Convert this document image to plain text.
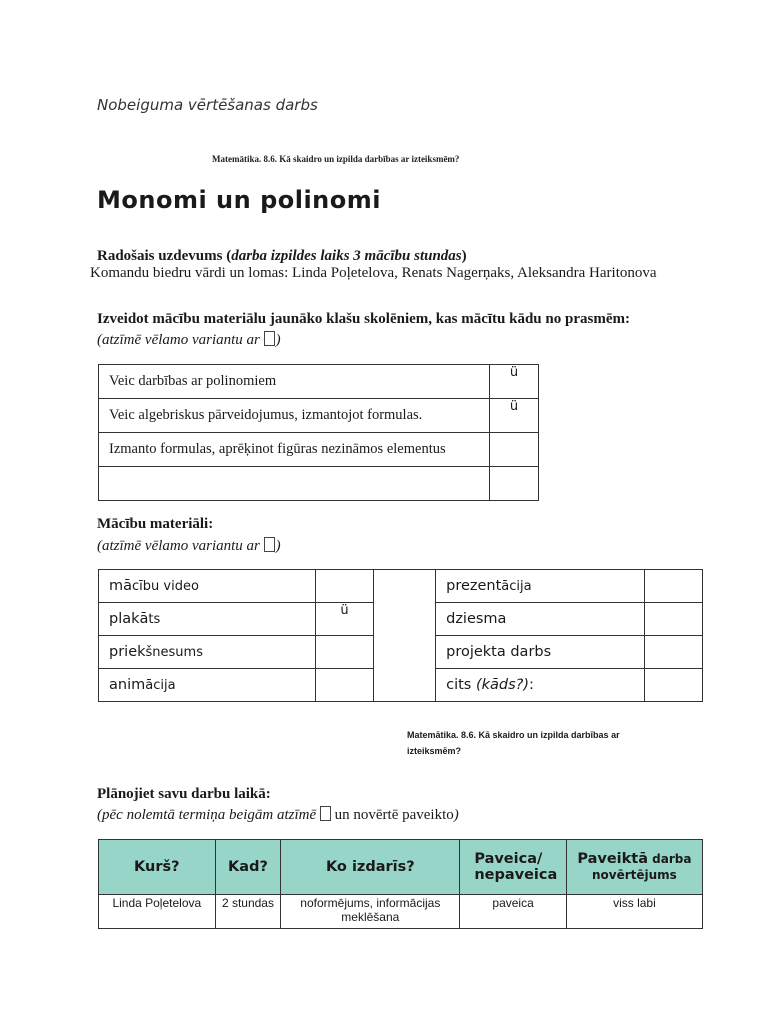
Nobeiguma vērtēšanas darbs
Matemātika. 8.6. Kā skaidro un izpilda darbības ar izteiksmēm?
Monomi un polinomi
Radošais uzdevums (darba izpildes laiks 3 mācību stundas)
Komandu biedru vārdi un lomas: Linda Poļetelova, Renats Nagerņaks, Aleksandra Haritonova
Izveidot mācību materiālu jaunāko klašu skolēniem, kas mācītu kādu no prasmēm:
(atzīmē vēlamo variantu ar )
Veic darbības ar polinomiem	ü
Veic algebriskus pārveidojumus, izmantojot formulas.	ü
Izmanto formulas, aprēķinot figūras nezināmos elementus	

Mācību materiāli:
(atzīmē vēlamo variantu ar )
mācību video			prezentācija	
plakāts	ü		dziesma	
priekšnesums			projekta darbs	
animācija			cits (kāds?):	
Matemātika. 8.6. Kā skaidro un izpilda darbības ar
izteiksmēm?
Plānojiet savu darbu laikā:
(pēc nolemtā termiņa beigām atzīmē  un novērtē paveikto)
Kurš?	Kad?	Ko izdarīs?	Paveica/ nepaveica	Paveiktā darba
novērtējums
Linda Poļetelova	2 stundas	noformējums, informācijas meklēšana	paveica	viss labi
